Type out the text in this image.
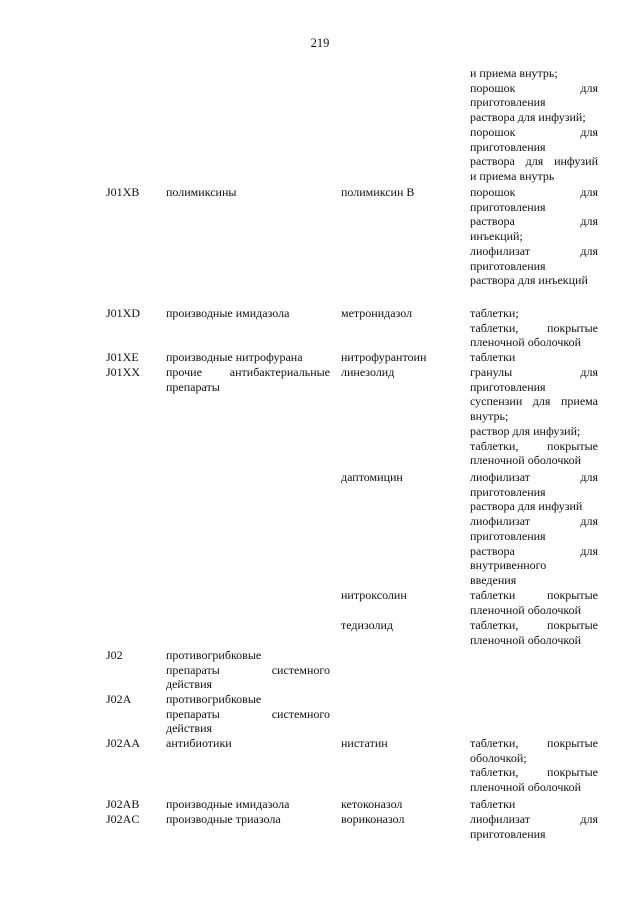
219
и приема внутрь;
порошок для
приготовления
раствора для инфузий;
порошок для
приготовления
раствора для инфузий
и приема внутрь
J01XB	полимиксины	полимиксин B	порошок для
приготовления
раствора для
инъекций;
лиофилизат для
приготовления
раствора для инъекций
J01XD	производные имидазола	метронидазол	таблетки;
таблетки, покрытые
пленочной оболочкой
J01XE	производные нитрофурана	нитрофурантоин	таблетки
J01XX	прочие антибактериальные
препараты
линезолид	гранулы для
приготовления
суспензии для приема
внутрь;
раствор для инфузий;
таблетки, покрытые
пленочной оболочкой
даптомицин	лиофилизат для
приготовления
раствора для инфузий
лиофилизат для
приготовления
раствора для
внутривенного
введения
нитроксолин	таблетки покрытые
пленочной оболочкой
тедизолид	таблетки, покрытые
пленочной оболочкой
J02	противогрибковые
препараты системного
действия
J02A	противогрибковые
препараты системного
действия
J02AA	антибиотики	нистатин	таблетки, покрытые
оболочкой;
таблетки, покрытые
пленочной оболочкой
J02AB	производные имидазола	кетоконазол	таблетки
J02AC	производные триазола	вориконазол	лиофилизат для
приготовления
